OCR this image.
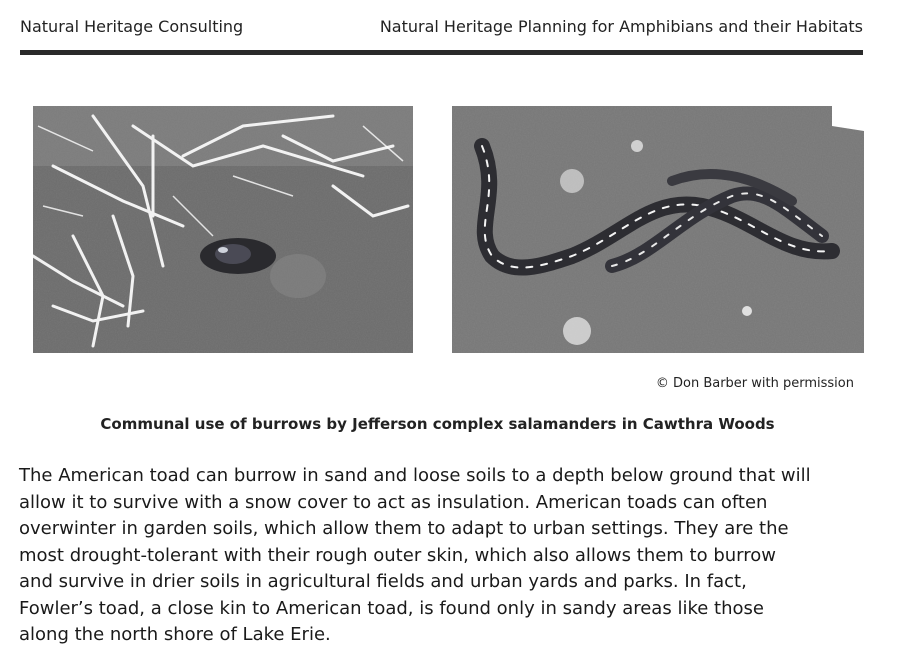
Natural Heritage Consulting	Natural Heritage Planning for Amphibians and their Habitats
© Don Barber with permission
Communal use of burrows by Jefferson complex salamanders in Cawthra Woods

The American toad can burrow in sand and loose soils to a depth below ground that will
allow it to survive with a snow cover to act as insulation. American toads can often
overwinter in garden soils, which allow them to adapt to urban settings. They are the
most drought-tolerant with their rough outer skin, which also allows them to burrow
and survive in drier soils in agricultural fields and urban yards and parks. In fact,
Fowler’s toad, a close kin to American toad, is found only in sandy areas like those
along the north shore of Lake Erie.
